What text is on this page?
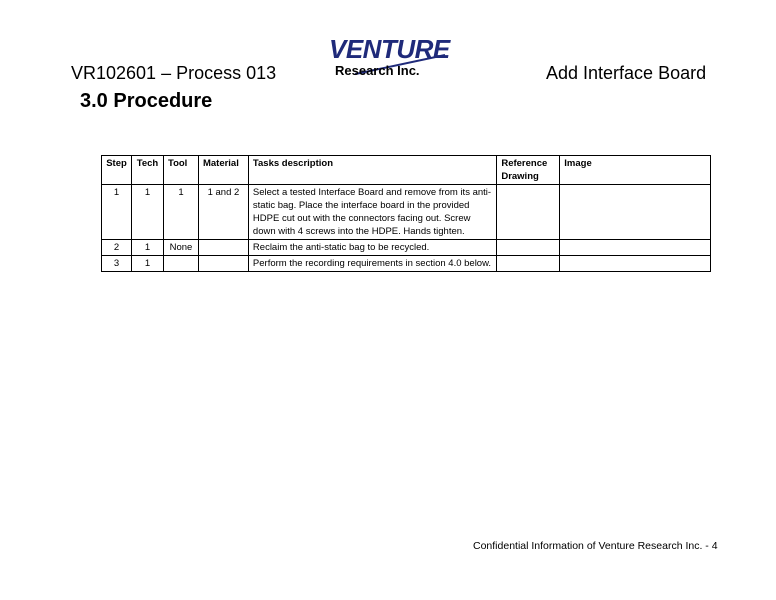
VR102601 – Process 013
VENTURE
Research Inc.	Add Interface Board
3.0 Procedure
Step	Tech	Tool	Material	Tasks description	Reference Drawing	Image
1	1	1	1 and 2	Select a tested Interface Board and remove from its anti-static bag. Place the interface board in the provided HDPE cut out with the connectors facing out. Screw down with 4 screws into the HDPE. Hands tighten.		
2	1	None		Reclaim the anti-static bag to be recycled.		
3	1			Perform the recording requirements in section 4.0 below.		
Confidential Information of Venture Research Inc. - 4
